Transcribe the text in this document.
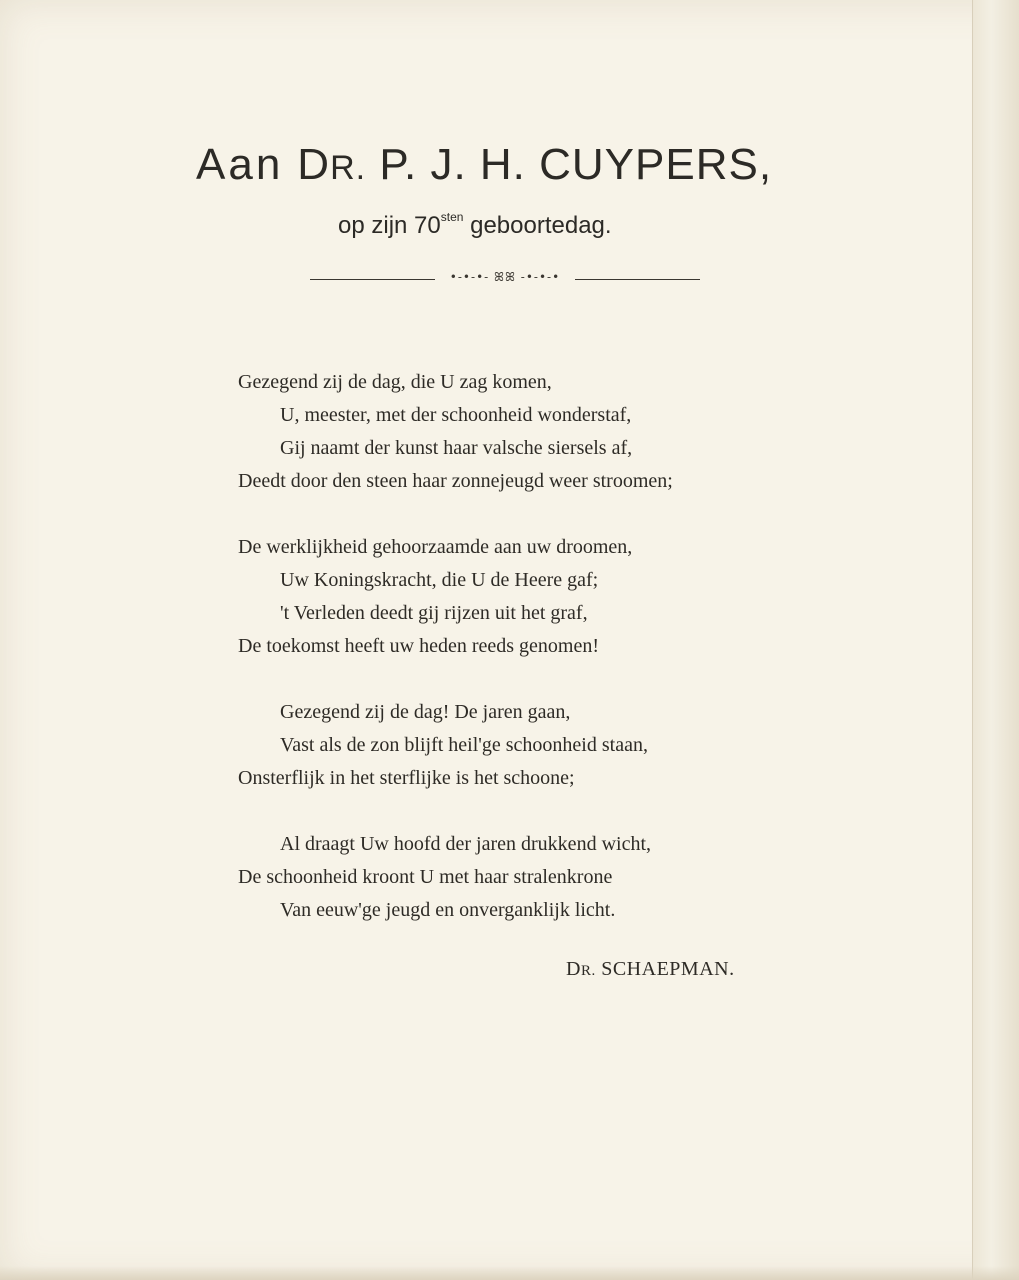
Aan DR. P. J. H. CUYPERS,
op zijn $70^{sten}$ geboortedag.
•-•-•- ꕤꕤ -•-•-•
Gezegend zij de dag, die U zag komen,
U, meester, met der schoonheid wonderstaf,
Gij naamt der kunst haar valsche siersels af,
Deedt door den steen haar zonnejeugd weer stroomen;
De werklijkheid gehoorzaamde aan uw droomen,
Uw Koningskracht, die U de Heere gaf;
't Verleden deedt gij rijzen uit het graf,
De toekomst heeft uw heden reeds genomen!
Gezegend zij de dag! De jaren gaan,
Vast als de zon blijft heil'ge schoonheid staan,
Onsterflijk in het sterflijke is het schoone;
Al draagt Uw hoofd der jaren drukkend wicht,
De schoonheid kroont U met haar stralenkrone
Van eeuw'ge jeugd en onverganklijk licht.
DR. SCHAEPMAN.
